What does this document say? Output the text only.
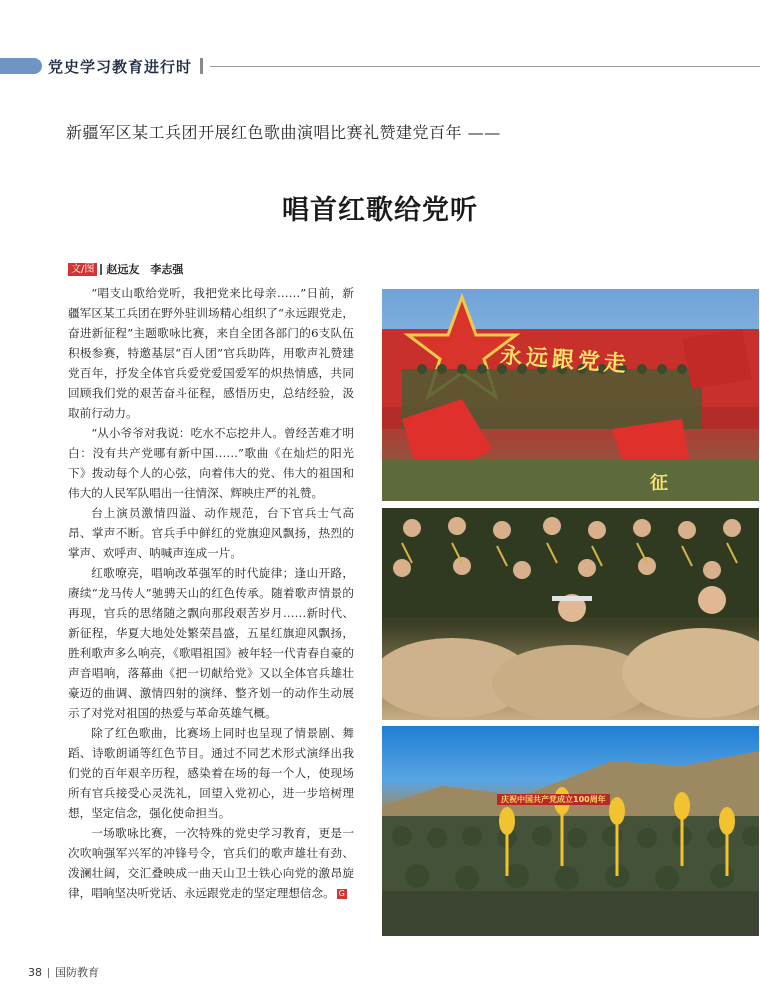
党史学习教育进行时
新疆军区某工兵团开展红色歌曲演唱比赛礼赞建党百年 ——
唱首红歌给党听
文/图 赵远友　李志强

“唱支山歌给党听，我把党来比母亲……”日前，新疆军区某工兵团在野外驻训场精心组织了“永远跟党走，奋进新征程”主题歌咏比赛，来自全团各部门的6支队伍积极参赛，特邀基层“百人团”官兵助阵，用歌声礼赞建党百年，抒发全体官兵爱党爱国爱军的炽热情感，共同回顾我们党的艰苦奋斗征程，感悟历史，总结经验，汲取前行动力。

“从小爷爷对我说：吃水不忘挖井人。曾经苦难才明白：没有共产党哪有新中国……”歌曲《在灿烂的阳光下》拨动每个人的心弦，向着伟大的党、伟大的祖国和伟大的人民军队唱出一往情深、辉映庄严的礼赞。

台上演员激情四溢、动作规范，台下官兵士气高昂、掌声不断。官兵手中鲜红的党旗迎风飘扬，热烈的掌声、欢呼声、呐喊声连成一片。

红歌嘹亮，唱响改革强军的时代旋律；逢山开路，赓续“龙马传人”驰骋天山的红色传承。随着歌声情景的再现，官兵的思绪随之飘向那段艰苦岁月……新时代、新征程，华夏大地处处繁荣昌盛，五星红旗迎风飘扬，胜利歌声多么响亮，《歌唱祖国》被年轻一代青春自豪的声音唱响，落幕曲《把一切献给党》又以全体官兵雄壮豪迈的曲调、激情四射的演绎、整齐划一的动作生动展示了对党对祖国的热爱与革命英雄气概。

除了红色歌曲，比赛场上同时也呈现了情景剧、舞蹈、诗歌朗诵等红色节目。通过不同艺术形式演绎出我们党的百年艰辛历程，感染着在场的每一个人，使现场所有官兵接受心灵洗礼，回望入党初心，进一步培树理想，坚定信念，强化使命担当。

一场歌咏比赛，一次特殊的党史学习教育，更是一次吹响强军兴军的冲锋号令，官兵们的歌声雄壮有劲、泼澜壮阔，交汇叠映成一曲天山卫士铁心向党的激昂旋律，唱响坚决听党话、永远跟党走的坚定理想信念。 G

永远跟党走
征
庆祝中国共产党成立100周年
38 国防教育
